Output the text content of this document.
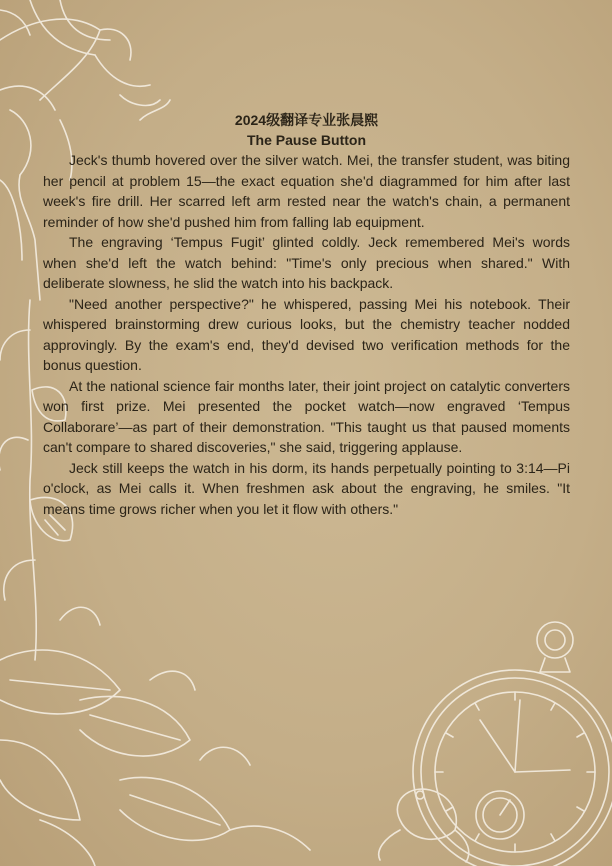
2024级翻译专业张晨熙
The Pause Button

Jeck's thumb hovered over the silver watch. Mei, the transfer student, was biting her pencil at problem 15—the exact equation she'd diagrammed for him after last week's fire drill. Her scarred left arm rested near the watch's chain, a permanent reminder of how she'd pushed him from falling lab equipment.

The engraving ‘Tempus Fugit’ glinted coldly. Jeck remembered Mei's words when she'd left the watch behind: "Time's only precious when shared." With deliberate slowness, he slid the watch into his backpack.

"Need another perspective?" he whispered, passing Mei his notebook. Their whispered brainstorming drew curious looks, but the chemistry teacher nodded approvingly. By the exam's end, they'd devised two verification methods for the bonus question.

At the national science fair months later, their joint project on catalytic converters won first prize. Mei presented the pocket watch—now engraved ‘Tempus Collaborare’—as part of their demonstration. "This taught us that paused moments can't compare to shared discoveries," she said, triggering applause.

Jeck still keeps the watch in his dorm, its hands perpetually pointing to 3:14—Pi o'clock, as Mei calls it. When freshmen ask about the engraving, he smiles. "It means time grows richer when you let it flow with others."
